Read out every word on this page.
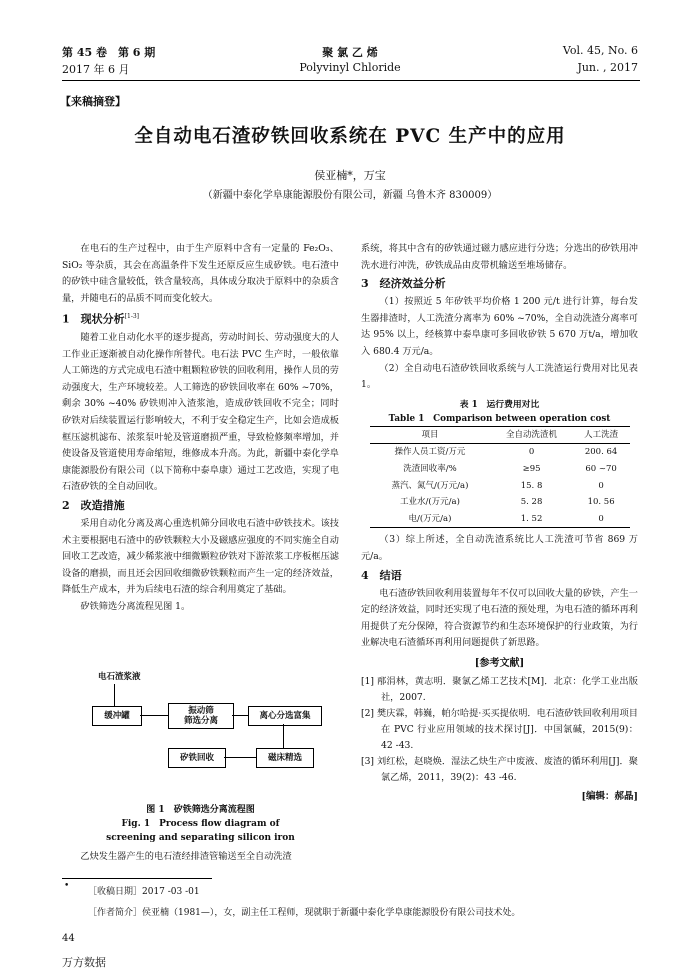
第 45 卷　第 6 期
2017 年 6 月
聚 氯 乙 烯
Polyvinyl Chloride
Vol. 45, No. 6
Jun. , 2017
【来稿摘登】
全自动电石渣矽铁回收系统在 PVC 生产中的应用
侯亚楠*，万宝
（新疆中泰化学阜康能源股份有限公司，新疆 乌鲁木齐 830009）

在电石的生产过程中，由于生产原料中含有一定量的 Fe₂O₃、SiO₂ 等杂质，其会在高温条件下发生还原反应生成矽铁。电石渣中的矽铁中硅含量较低，铁含量较高，具体成分取决于原料中的杂质含量，并随电石的品质不同而变化较大。

1　现状分析[1-3]

随着工业自动化水平的逐步提高，劳动时间长、劳动强度大的人工作业正逐渐被自动化操作所替代。电石法 PVC 生产时，一般依靠人工筛选的方式完成电石渣中粗颗粒矽铁的回收利用，操作人员的劳动强度大，生产环境较差。人工筛选的矽铁回收率在 60% ~70%，剩余 30% ~40% 矽铁则冲入渣浆池，造成矽铁回收不完全；同时矽铁对后续装置运行影响较大，不利于安全稳定生产，比如会造成板框压滤机滤布、浓浆泵叶轮及管道磨损严重，导致检修频率增加，并使设备及管道使用寿命缩短，维修成本升高。为此，新疆中泰化学阜康能源股份有限公司（以下简称中泰阜康）通过工艺改造，实现了电石渣矽铁的全自动回收。

2　改造措施

采用自动化分离及离心重选机筛分回收电石渣中矽铁技术。该技术主要根据电石渣中的矽铁颗粒大小及磁感应强度的不同实施全自动回收工艺改造，减少稀浆液中细微颗粒矽铁对下游浓浆工序板框压滤设备的磨损，而且还会因回收细微矽铁颗粒而产生一定的经济效益，降低生产成本，并为后续电石渣的综合利用奠定了基础。

矽铁筛选分离流程见图 1。

电石渣浆液
缓冲罐	振动筛
筛选分离	离心分选富集
矽铁回收	磁床精选
图 1　矽铁筛选分离流程图
Fig. 1　Process flow diagram of
screening and separating silicon iron
乙炔发生器产生的电石渣经排渣管输送至全自动洗渣

系统，将其中含有的矽铁通过磁力感应进行分选；分选出的矽铁用冲洗水进行冲洗，矽铁成品由皮带机输送至堆场储存。

3　经济效益分析

（1）按照近 5 年矽铁平均价格 1 200 元/t 进行计算，每台发生器排渣时，人工洗渣分离率为 60% ~70%，全自动洗渣分离率可达 95% 以上，经核算中泰阜康可多回收矽铁 5 670 万t/a，增加收入 680.4 万元/a。

（2）全自动电石渣矽铁回收系统与人工洗渣运行费用对比见表 1。

表 1　运行费用对比
Table 1　Comparison between operation cost
项目	全自动洗渣机	人工洗渣
操作人员工资/万元	0	200. 64
洗渣回收率/%	≥95	60 ~70
蒸汽、氮气/(万元/a)	15. 8	0
工业水/(万元/a)	5. 28	10. 56
电/(万元/a)	1. 52	0

（3）综上所述，全自动洗渣系统比人工洗渣可节省 869 万元/a。

4　结语

电石渣矽铁回收利用装置每年不仅可以回收大量的矽铁，产生一定的经济效益，同时还实现了电石渣的预处理，为电石渣的循环再利用提供了充分保障，符合资源节约和生态环境保护的行业政策，为行业解决电石渣循环再利用问题提供了新思路。

[参考文献]
[1] 邴涓林，黄志明．聚氯乙烯工艺技术[M]．北京：化学工业出版社，2007.
[2] 樊庆霖，韩巍，帕尔哈提·买买提依明．电石渣矽铁回收利用项目在 PVC 行业应用领域的技术探讨[J]．中国氯碱，2015(9)：42 -43.
[3] 刘红松，赵晓焕．湿法乙炔生产中废液、废渣的循环利用[J]．聚氯乙烯，2011，39(2)：43 -46.
[编辑：郝晶]
•
［收稿日期］2017 -03 -01
［作者简介］侯亚楠（1981—），女，副主任工程师，现就职于新疆中泰化学阜康能源股份有限公司技术处。
44
万方数据
